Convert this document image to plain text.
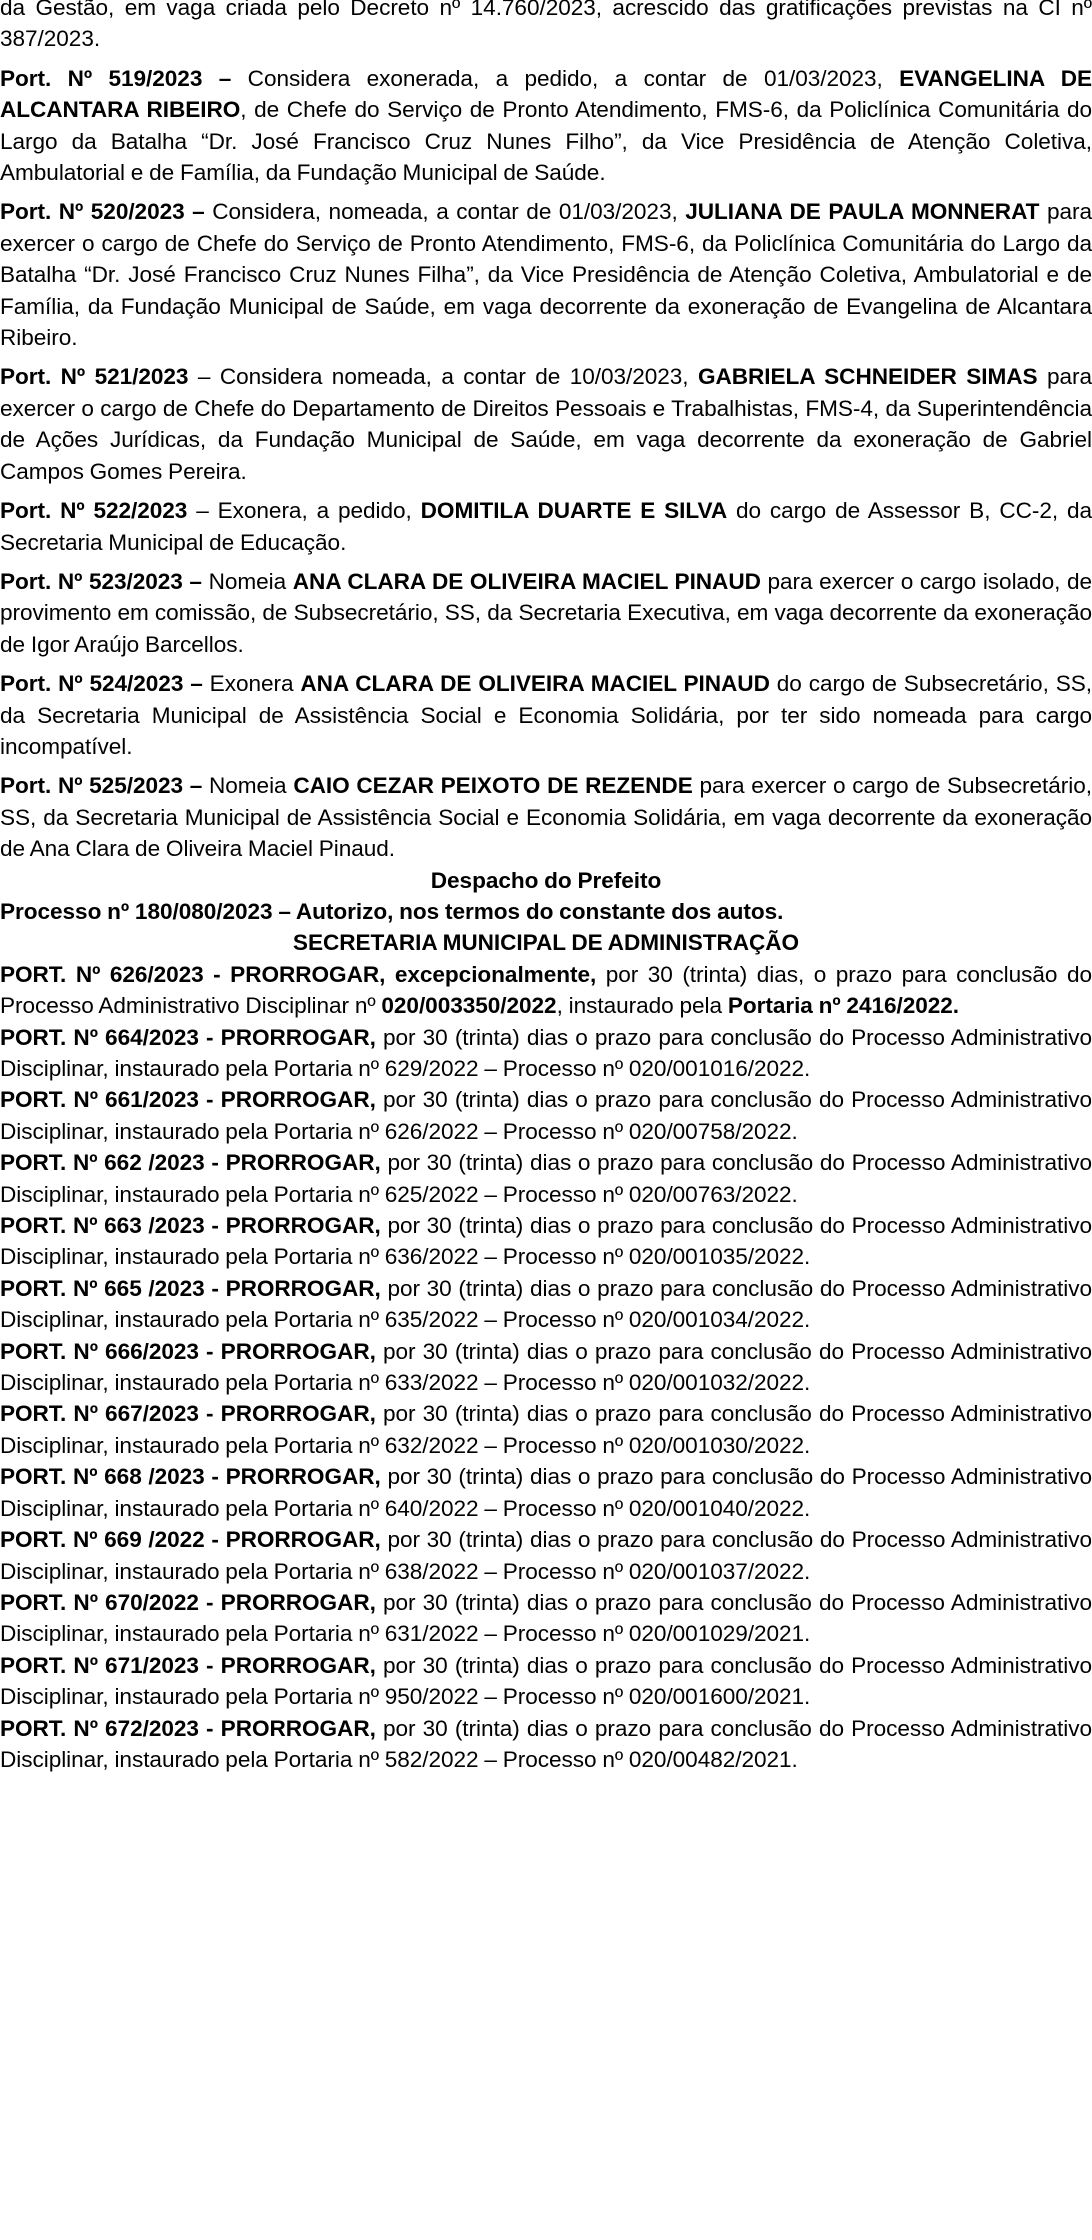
da Gestão, em vaga criada pelo Decreto nº 14.760/2023, acrescido das gratificações previstas na CI nº 387/2023.

Port. Nº 519/2023 – Considera exonerada, a pedido, a contar de 01/03/2023, EVANGELINA DE ALCANTARA RIBEIRO, de Chefe do Serviço de Pronto Atendimento, FMS-6, da Policlínica Comunitária do Largo da Batalha “Dr. José Francisco Cruz Nunes Filho”, da Vice Presidência de Atenção Coletiva, Ambulatorial e de Família, da Fundação Municipal de Saúde.

Port. Nº 520/2023 – Considera, nomeada, a contar de 01/03/2023, JULIANA DE PAULA MONNERAT para exercer o cargo de Chefe do Serviço de Pronto Atendimento, FMS-6, da Policlínica Comunitária do Largo da Batalha “Dr. José Francisco Cruz Nunes Filha”, da Vice Presidência de Atenção Coletiva, Ambulatorial e de Família, da Fundação Municipal de Saúde, em vaga decorrente da exoneração de Evangelina de Alcantara Ribeiro.

Port. Nº 521/2023 – Considera nomeada, a contar de 10/03/2023, GABRIELA SCHNEIDER SIMAS para exercer o cargo de Chefe do Departamento de Direitos Pessoais e Trabalhistas, FMS-4, da Superintendência de Ações Jurídicas, da Fundação Municipal de Saúde, em vaga decorrente da exoneração de Gabriel Campos Gomes Pereira.

Port. Nº 522/2023 – Exonera, a pedido, DOMITILA DUARTE E SILVA do cargo de Assessor B, CC-2, da Secretaria Municipal de Educação.

Port. Nº 523/2023 – Nomeia ANA CLARA DE OLIVEIRA MACIEL PINAUD para exercer o cargo isolado, de provimento em comissão, de Subsecretário, SS, da Secretaria Executiva, em vaga decorrente da exoneração de Igor Araújo Barcellos.

Port. Nº 524/2023 – Exonera ANA CLARA DE OLIVEIRA MACIEL PINAUD do cargo de Subsecretário, SS, da Secretaria Municipal de Assistência Social e Economia Solidária, por ter sido nomeada para cargo incompatível.

Port. Nº 525/2023 – Nomeia CAIO CEZAR PEIXOTO DE REZENDE para exercer o cargo de Subsecretário, SS, da Secretaria Municipal de Assistência Social e Economia Solidária, em vaga decorrente da exoneração de Ana Clara de Oliveira Maciel Pinaud.

Despacho do Prefeito

Processo nº 180/080/2023 – Autorizo, nos termos do constante dos autos.

SECRETARIA MUNICIPAL DE ADMINISTRAÇÃO

PORT. Nº 626/2023 - PRORROGAR, excepcionalmente, por 30 (trinta) dias, o prazo para conclusão do Processo Administrativo Disciplinar nº 020/003350/2022, instaurado pela Portaria nº 2416/2022.

PORT. Nº 664/2023 - PRORROGAR, por 30 (trinta) dias o prazo para conclusão do Processo Administrativo Disciplinar, instaurado pela Portaria nº 629/2022 – Processo nº 020/001016/2022.

PORT. Nº 661/2023 - PRORROGAR, por 30 (trinta) dias o prazo para conclusão do Processo Administrativo Disciplinar, instaurado pela Portaria nº 626/2022 – Processo nº 020/00758/2022.

PORT. Nº 662 /2023 - PRORROGAR, por 30 (trinta) dias o prazo para conclusão do Processo Administrativo Disciplinar, instaurado pela Portaria nº 625/2022 – Processo nº 020/00763/2022.

PORT. Nº 663 /2023 - PRORROGAR, por 30 (trinta) dias o prazo para conclusão do Processo Administrativo Disciplinar, instaurado pela Portaria nº 636/2022 – Processo nº 020/001035/2022.

PORT. Nº 665 /2023 - PRORROGAR, por 30 (trinta) dias o prazo para conclusão do Processo Administrativo Disciplinar, instaurado pela Portaria nº 635/2022 – Processo nº 020/001034/2022.

PORT. Nº 666/2023 - PRORROGAR, por 30 (trinta) dias o prazo para conclusão do Processo Administrativo Disciplinar, instaurado pela Portaria nº 633/2022 – Processo nº 020/001032/2022.

PORT. Nº 667/2023 - PRORROGAR, por 30 (trinta) dias o prazo para conclusão do Processo Administrativo Disciplinar, instaurado pela Portaria nº 632/2022 – Processo nº 020/001030/2022.

PORT. Nº 668 /2023 - PRORROGAR, por 30 (trinta) dias o prazo para conclusão do Processo Administrativo Disciplinar, instaurado pela Portaria nº 640/2022 – Processo nº 020/001040/2022.

PORT. Nº 669 /2022 - PRORROGAR, por 30 (trinta) dias o prazo para conclusão do Processo Administrativo Disciplinar, instaurado pela Portaria nº 638/2022 – Processo nº 020/001037/2022.

PORT. Nº 670/2022 - PRORROGAR, por 30 (trinta) dias o prazo para conclusão do Processo Administrativo Disciplinar, instaurado pela Portaria nº 631/2022 – Processo nº 020/001029/2021.

PORT. Nº 671/2023 - PRORROGAR, por 30 (trinta) dias o prazo para conclusão do Processo Administrativo Disciplinar, instaurado pela Portaria nº 950/2022 – Processo nº 020/001600/2021.

PORT. Nº 672/2023 - PRORROGAR, por 30 (trinta) dias o prazo para conclusão do Processo Administrativo Disciplinar, instaurado pela Portaria nº 582/2022 – Processo nº 020/00482/2021.
